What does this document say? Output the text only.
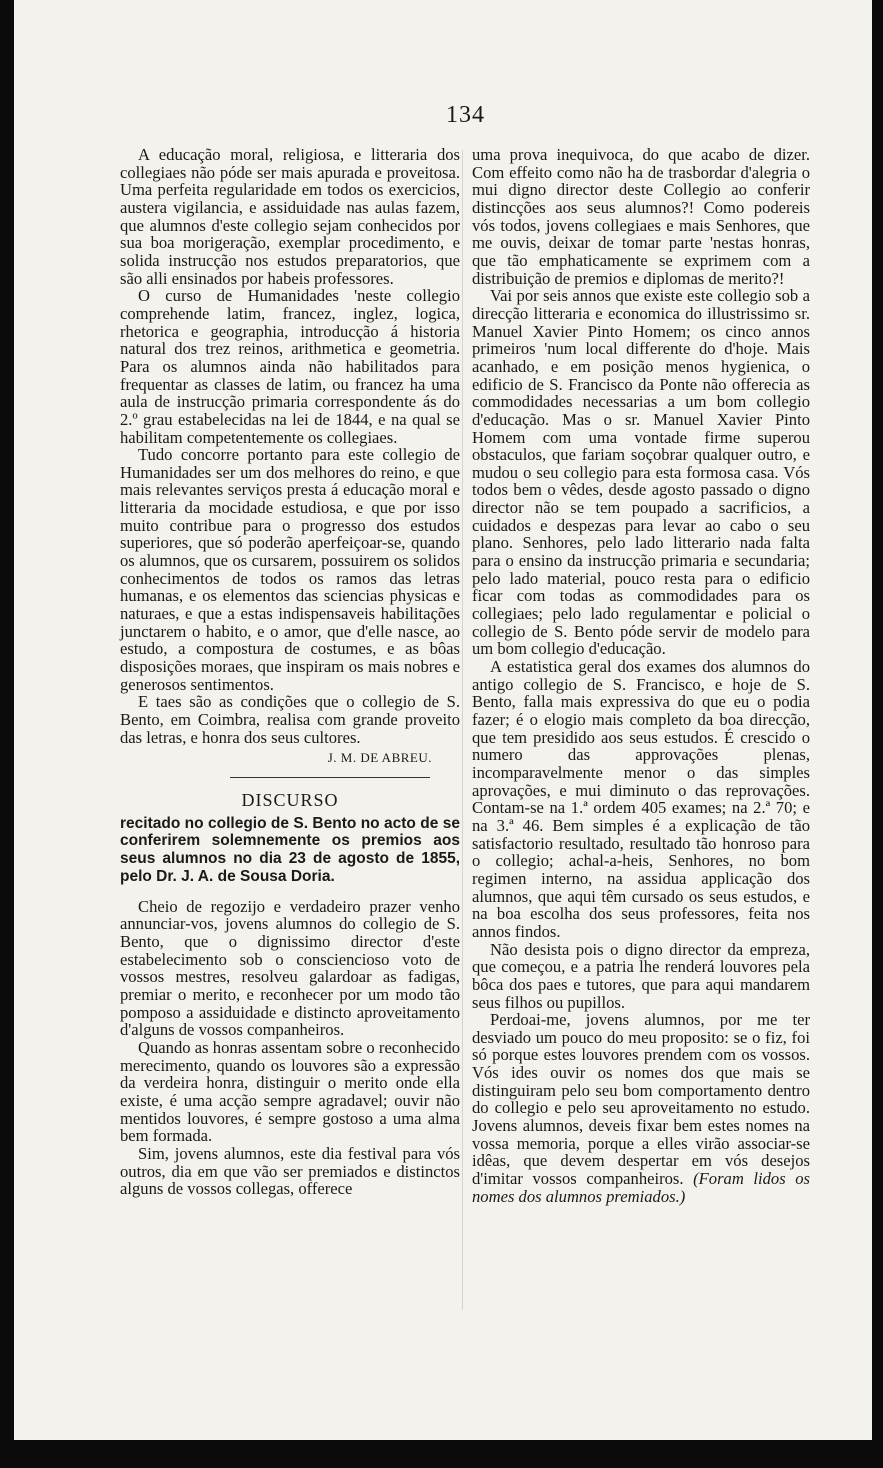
134

A educação moral, religiosa, e litteraria dos collegiaes não póde ser mais apurada e proveitosa. Uma perfeita regularidade em todos os exercicios, austera vigilancia, e assiduidade nas aulas fazem, que alumnos d'este collegio sejam conhecidos por sua boa morigeração, exemplar procedimento, e solida instrucção nos estudos preparatorios, que são alli ensinados por habeis professores.

O curso de Humanidades 'neste collegio comprehende latim, francez, inglez, logica, rhetorica e geographia, introducção á historia natural dos trez reinos, arithmetica e geometria. Para os alumnos ainda não habilitados para frequentar as classes de latim, ou francez ha uma aula de instrucção primaria correspondente ás do 2.º grau estabelecidas na lei de 1844, e na qual se habilitam competentemente os collegiaes.

Tudo concorre portanto para este collegio de Humanidades ser um dos melhores do reino, e que mais relevantes serviços presta á educação moral e litteraria da mocidade estudiosa, e que por isso muito contribue para o progresso dos estudos superiores, que só poderão aperfeiçoar-se, quando os alumnos, que os cursarem, possuirem os solidos conhecimentos de todos os ramos das letras humanas, e os elementos das sciencias physicas e naturaes, e que a estas indispensaveis habilitações junctarem o habito, e o amor, que d'elle nasce, ao estudo, a compostura de costumes, e as bôas disposições moraes, que inspiram os mais nobres e generosos sentimentos.

E taes são as condições que o collegio de S. Bento, em Coimbra, realisa com grande proveito das letras, e honra dos seus cultores.

J. M. DE ABREU.
DISCURSO
recitado no collegio de S. Bento no acto de se conferirem solemnemente os premios aos seus alumnos no dia 23 de agosto de 1855, pelo Dr. J. A. de Sousa Doria.

Cheio de regozijo e verdadeiro prazer venho annunciar-vos, jovens alumnos do collegio de S. Bento, que o dignissimo director d'este estabelecimento sob o consciencioso voto de vossos mestres, resolveu galardoar as fadigas, premiar o merito, e reconhecer por um modo tão pomposo a assiduidade e distincto aproveitamento d'alguns de vossos companheiros.

Quando as honras assentam sobre o reconhecido merecimento, quando os louvores são a expressão da verdeira honra, distinguir o merito onde ella existe, é uma acção sempre agradavel; ouvir não mentidos louvores, é sempre gostoso a uma alma bem formada.

Sim, jovens alumnos, este dia festival para vós outros, dia em que vão ser premiados e distinctos alguns de vossos collegas, offerece

uma prova inequivoca, do que acabo de dizer. Com effeito como não ha de trasbordar d'alegria o mui digno director deste Collegio ao conferir distincções aos seus alumnos?! Como podereis vós todos, jovens collegiaes e mais Senhores, que me ouvis, deixar de tomar parte 'nestas honras, que tão emphaticamente se exprimem com a distribuição de premios e diplomas de merito?!

Vai por seis annos que existe este collegio sob a direcção litteraria e economica do illustrissimo sr. Manuel Xavier Pinto Homem; os cinco annos primeiros 'num local differente do d'hoje. Mais acanhado, e em posição menos hygienica, o edificio de S. Francisco da Ponte não offerecia as commodidades necessarias a um bom collegio d'educação. Mas o sr. Manuel Xavier Pinto Homem com uma vontade firme superou obstaculos, que fariam soçobrar qualquer outro, e mudou o seu collegio para esta formosa casa. Vós todos bem o vêdes, desde agosto passado o digno director não se tem poupado a sacrificios, a cuidados e despezas para levar ao cabo o seu plano. Senhores, pelo lado litterario nada falta para o ensino da instrucção primaria e secundaria; pelo lado material, pouco resta para o edificio ficar com todas as commodidades para os collegiaes; pelo lado regulamentar e policial o collegio de S. Bento póde servir de modelo para um bom collegio d'educação.

A estatistica geral dos exames dos alumnos do antigo collegio de S. Francisco, e hoje de S. Bento, falla mais expressiva do que eu o podia fazer; é o elogio mais completo da boa direcção, que tem presidido aos seus estudos. É crescido o numero das approvações plenas, incomparavelmente menor o das simples aprovações, e mui diminuto o das reprovações. Contam-se na 1.ª ordem 405 exames; na 2.ª 70; e na 3.ª 46. Bem simples é a explicação de tão satisfactorio resultado, resultado tão honroso para o collegio; achal-a-heis, Senhores, no bom regimen interno, na assidua applicação dos alumnos, que aqui têm cursado os seus estudos, e na boa escolha dos seus professores, feita nos annos findos.

Não desista pois o digno director da empreza, que começou, e a patria lhe renderá louvores pela bôca dos paes e tutores, que para aqui mandarem seus filhos ou pupillos.

Perdoai-me, jovens alumnos, por me ter desviado um pouco do meu proposito: se o fiz, foi só porque estes louvores prendem com os vossos. Vós ides ouvir os nomes dos que mais se distinguiram pelo seu bom comportamento dentro do collegio e pelo seu aproveitamento no estudo. Jovens alumnos, deveis fixar bem estes nomes na vossa memoria, porque a elles virão associar-se idêas, que devem despertar em vós desejos d'imitar vossos companheiros. (Foram lidos os nomes dos alumnos premiados.)
